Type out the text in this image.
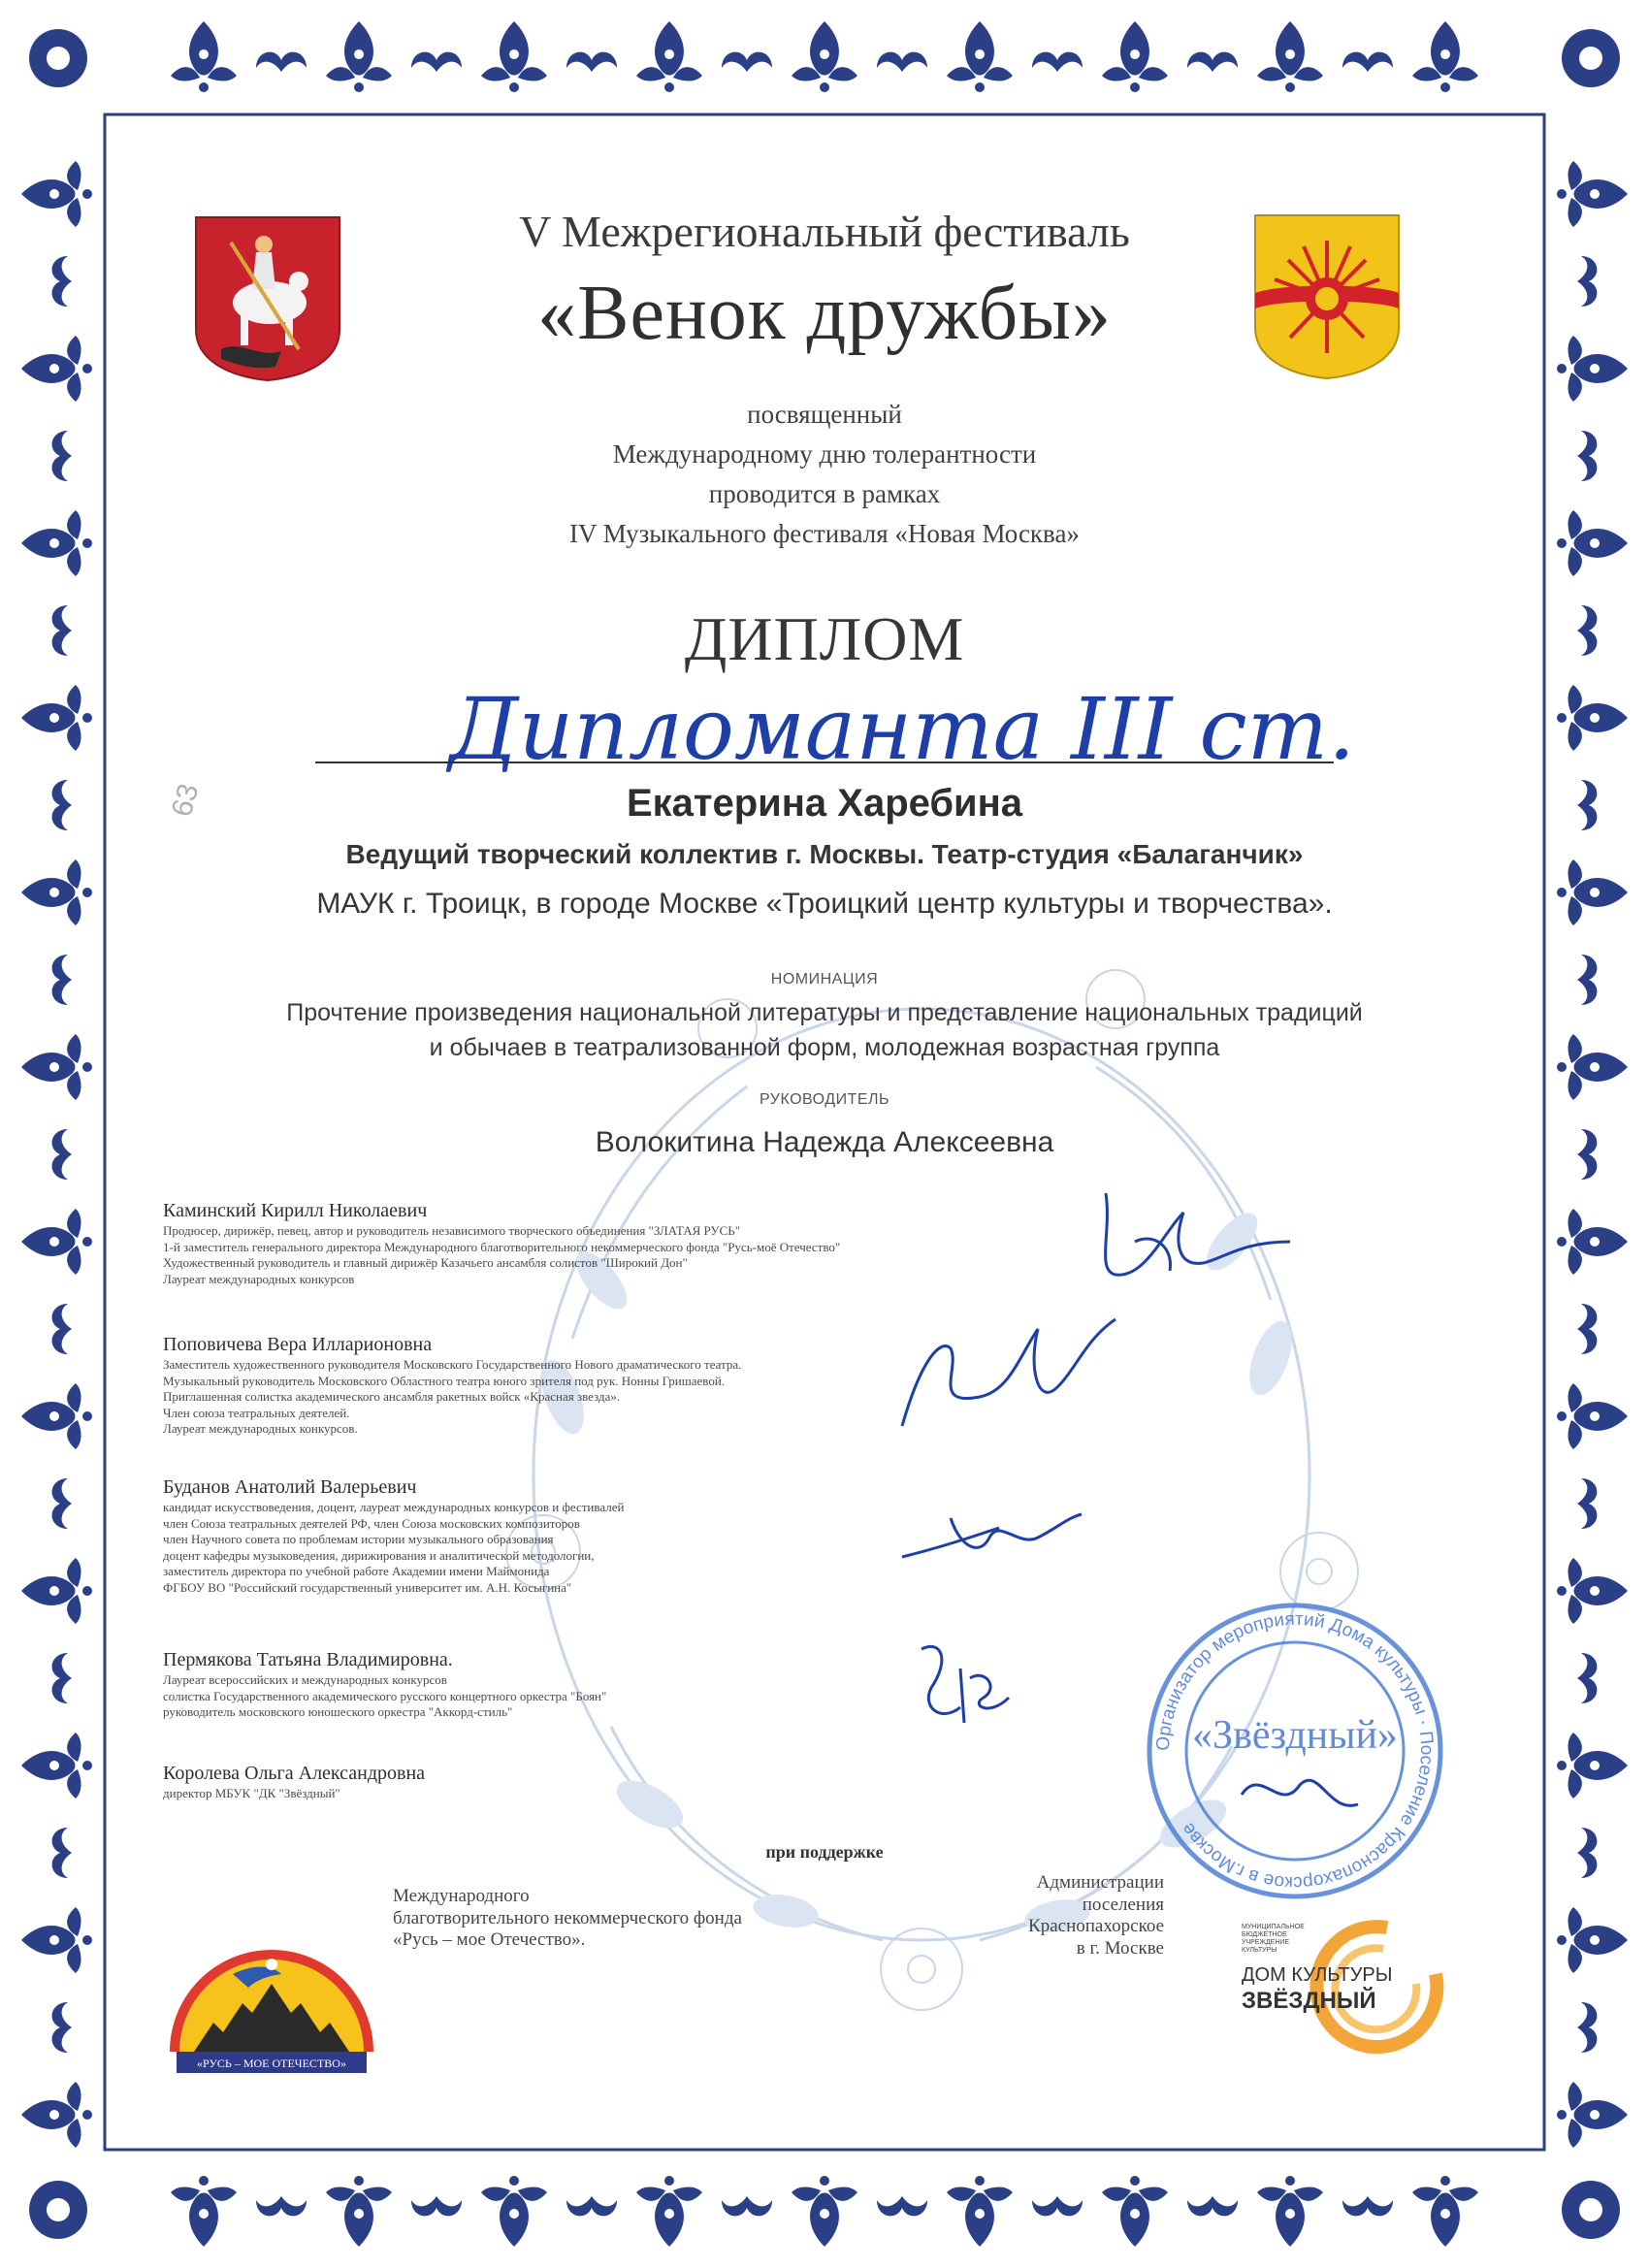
V Межрегиональный фестиваль
«Венок дружбы»
посвященный
Международному дню толерантности
проводится в рамках
IV Музыкального фестиваля «Новая Москва»
ДИПЛОМ
Дипломанта III ст.
63	Екатерина Харебина
Ведущий творческий коллектив г. Москвы. Театр-студия «Балаганчик»
МАУК г. Троицк, в городе Москве «Троицкий центр культуры и творчества».
НОМИНАЦИЯ
Прочтение произведения национальной литературы и представление национальных традиций
и обычаев в театрализованной форм, молодежная возрастная группа
РУКОВОДИТЕЛЬ
Волокитина Надежда Алексеевна
Каминский Кирилл Николаевич
Продюсер, дирижёр, певец, автор и руководитель независимого творческого объединения "ЗЛАТАЯ РУСЬ"
1-й заместитель генерального директора Международного благотворительного некоммерческого фонда "Русь-моё Отечество"
Художественный руководитель и главный дирижёр Казачьего ансамбля солистов "Широкий Дон"
Лауреат международных конкурсов
Поповичева Вера Илларионовна
Заместитель художественного руководителя Московского Государственного Нового драматического театра.
Музыкальный руководитель Московского Областного театра юного зрителя под рук. Нонны Гришаевой.
Приглашенная солистка академического ансамбля ракетных войск «Красная звезда».
Член союза театральных деятелей.
Лауреат международных конкурсов.
Буданов Анатолий Валерьевич
кандидат искусствоведения, доцент, лауреат международных конкурсов и фестивалей
член Союза театральных деятелей РФ, член Союза московских композиторов
член Научного совета по проблемам истории музыкального образования
доцент кафедры музыковедения, дирижирования и аналитической методологии,
заместитель директора по учебной работе Академии имени Маймонида
ФГБОУ ВО "Российский государственный университет им. А.Н. Косыгина"
Пермякова Татьяна Владимировна.
Лауреат всероссийских и международных конкурсов
солистка Государственного академического русского концертного оркестра "Боян"
руководитель московского юношеского оркестра "Аккорд-стиль"
Королева Ольга Александровна
директор МБУК "ДК "Звёздный"
Организатор мероприятий Дома культуры · Поселение Краснопахорское в г.Москве
«Звёздный»
при поддержке
Международного
благотворительного некоммерческого фонда
«Русь – мое Отечество».
Администрации
поселения
Краснопахорское
в г. Москве
«РУСЬ – МОЕ ОТЕЧЕСТВО»
МУНИЦИПАЛЬНОЕ
БЮДЖЕТНОЕ
УЧРЕЖДЕНИЕ
КУЛЬТУРЫ
ДОМ КУЛЬТУРЫ
ЗВЁЗДНЫЙ
